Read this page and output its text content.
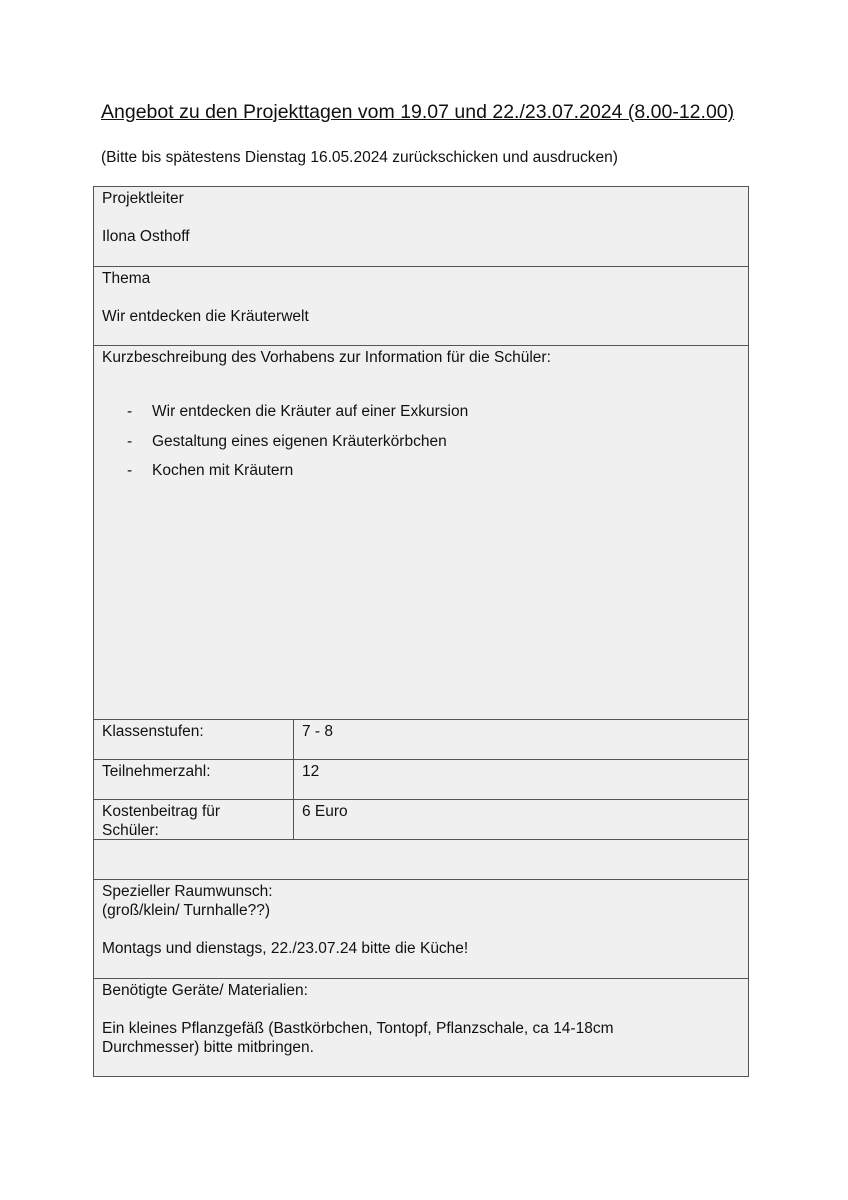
Angebot zu den Projekttagen vom 19.07 und 22./23.07.2024 (8.00-12.00)
(Bitte bis spätestens Dienstag 16.05.2024 zurückschicken und ausdrucken)
Projektleiter
Ilona Osthoff
Thema
Wir entdecken die Kräuterwelt
Kurzbeschreibung des Vorhabens zur Information für die Schüler:
- Wir entdecken die Kräuter auf einer Exkursion
- Gestaltung eines eigenen Kräuterkörbchen
- Kochen mit Kräutern
Klassenstufen:	7 - 8
Teilnehmerzahl:	12
Kostenbeitrag für Schüler:
6 Euro
Spezieller Raumwunsch:
(groß/klein/ Turnhalle??)
Montags und dienstags, 22./23.07.24 bitte die Küche!
Benötigte Geräte/ Materialien:
Ein kleines Pflanzgefäß (Bastkörbchen, Tontopf, Pflanzschale, ca 14-18cm Durchmesser) bitte mitbringen.
